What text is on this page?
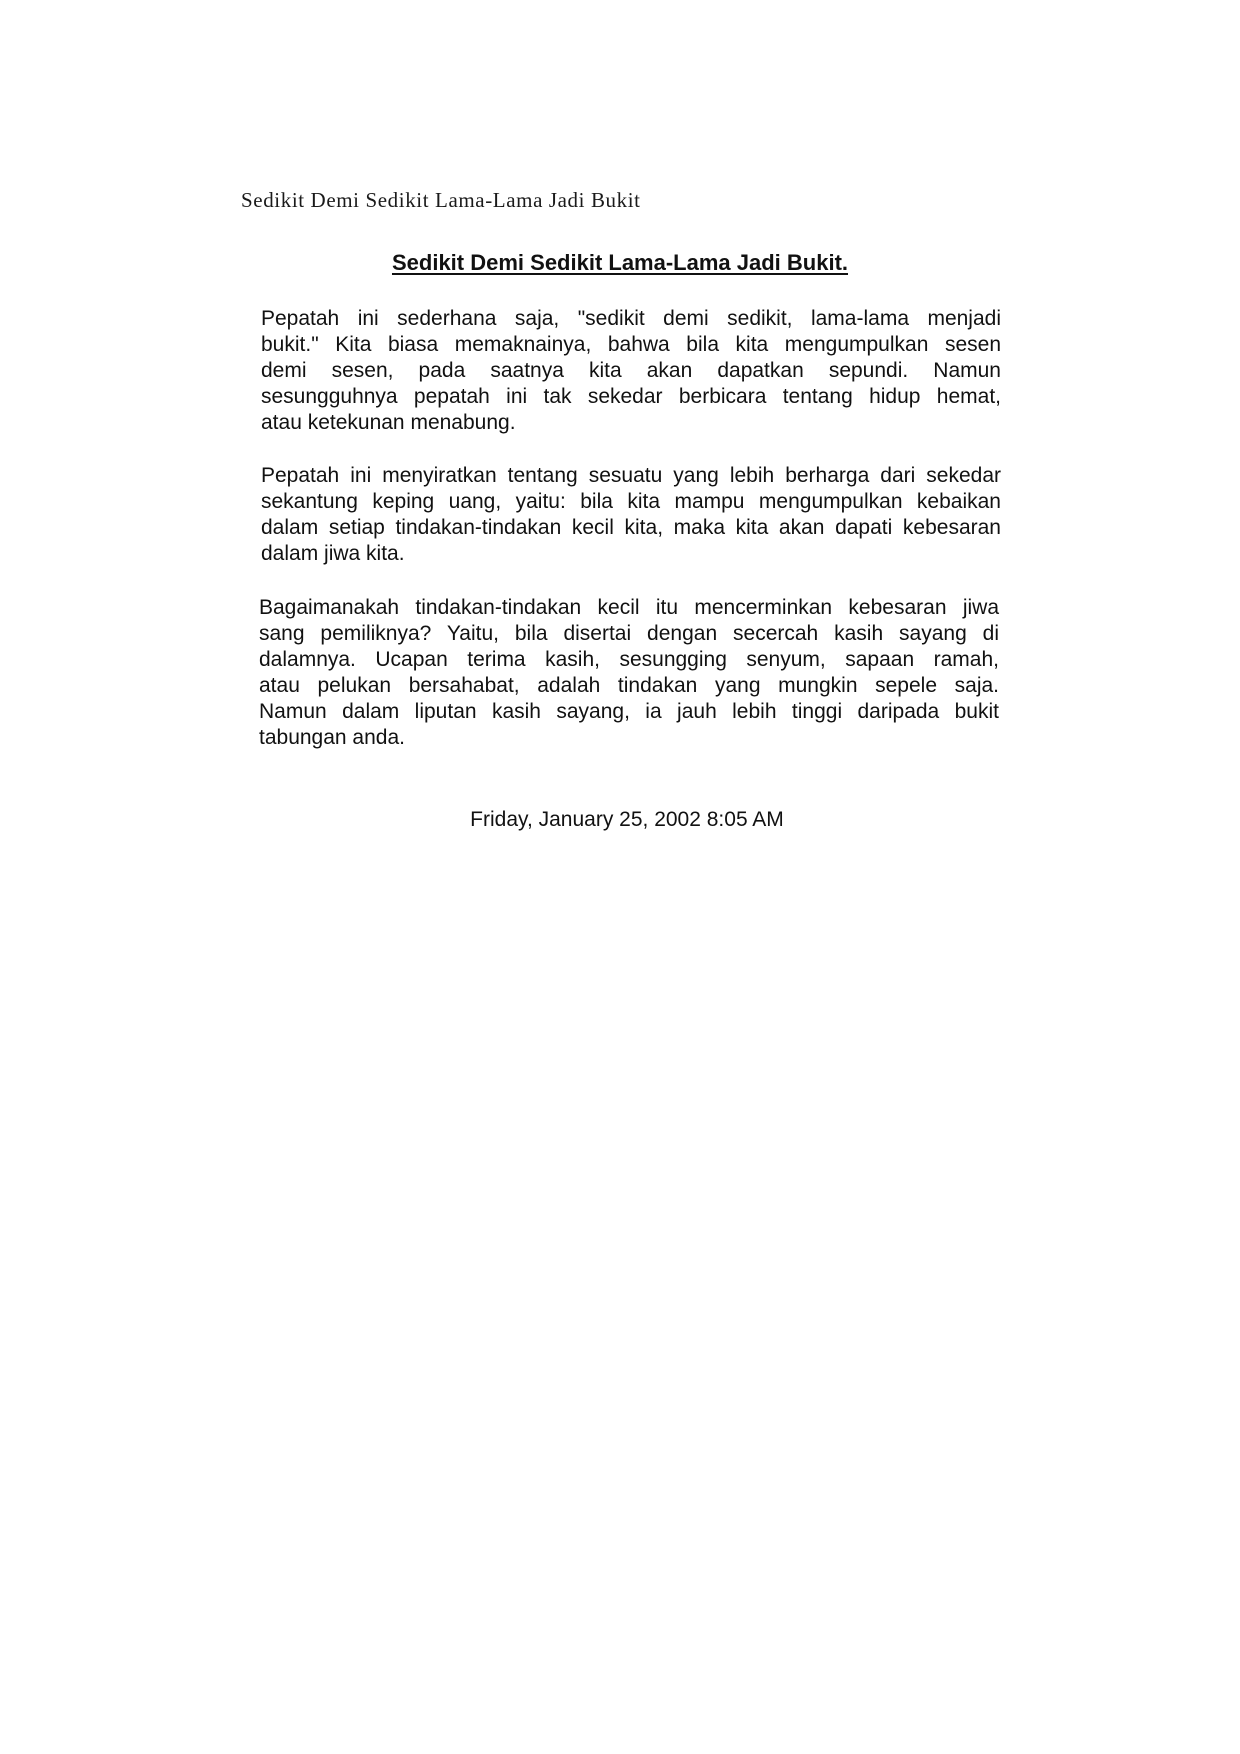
Sedikit Demi Sedikit Lama-Lama Jadi Bukit
Sedikit Demi Sedikit Lama-Lama Jadi Bukit.
Pepatah ini sederhana saja, "sedikit demi sedikit, lama-lama menjadi
bukit." Kita biasa memaknainya, bahwa bila kita mengumpulkan sesen
demi sesen, pada saatnya kita akan dapatkan sepundi. Namun
sesungguhnya pepatah ini tak sekedar berbicara tentang hidup hemat,
atau ketekunan menabung.
Pepatah ini menyiratkan tentang sesuatu yang lebih berharga dari sekedar
sekantung keping uang, yaitu: bila kita mampu mengumpulkan kebaikan
dalam setiap tindakan-tindakan kecil kita, maka kita akan dapati kebesaran
dalam jiwa kita.
Bagaimanakah tindakan-tindakan kecil itu mencerminkan kebesaran jiwa
sang pemiliknya? Yaitu, bila disertai dengan secercah kasih sayang di
dalamnya. Ucapan terima kasih, sesungging senyum, sapaan ramah,
atau pelukan bersahabat, adalah tindakan yang mungkin sepele saja.
Namun dalam liputan kasih sayang, ia jauh lebih tinggi daripada bukit
tabungan anda.
Friday, January 25, 2002 8:05 AM
